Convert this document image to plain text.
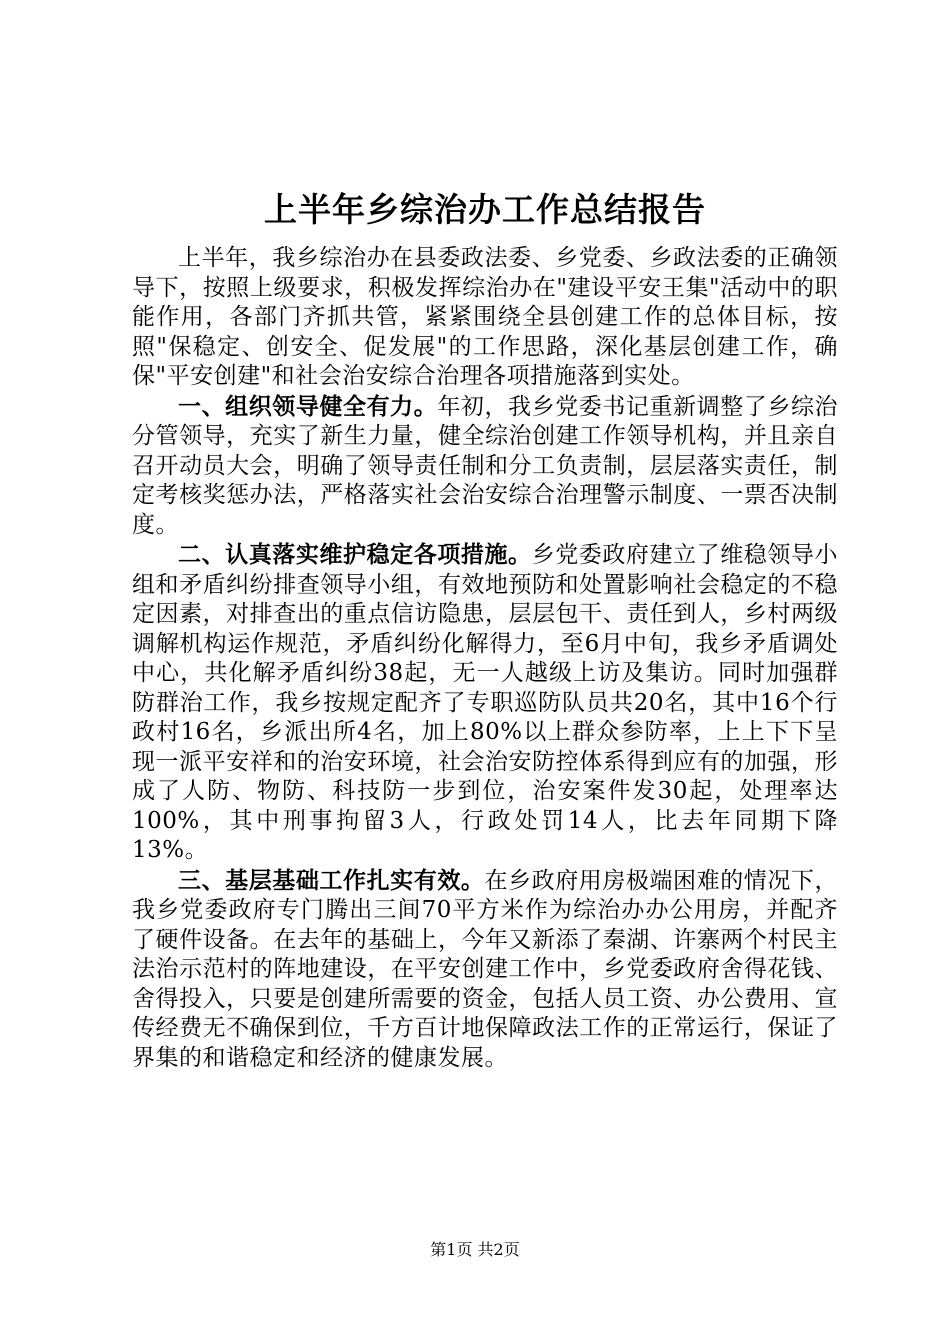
上半年乡综治办工作总结报告

上半年，我乡综治办在县委政法委、乡党委、乡政法委的正确领导下，按照上级要求，积极发挥综治办在"建设平安王集"活动中的职能作用，各部门齐抓共管，紧紧围绕全县创建工作的总体目标，按照"保稳定、创安全、促发展"的工作思路，深化基层创建工作，确保"平安创建"和社会治安综合治理各项措施落到实处。

一、组织领导健全有力。年初，我乡党委书记重新调整了乡综治分管领导，充实了新生力量，健全综治创建工作领导机构，并且亲自召开动员大会，明确了领导责任制和分工负责制，层层落实责任，制定考核奖惩办法，严格落实社会治安综合治理警示制度、一票否决制度。

二、认真落实维护稳定各项措施。乡党委政府建立了维稳领导小组和矛盾纠纷排查领导小组，有效地预防和处置影响社会稳定的不稳定因素，对排查出的重点信访隐患，层层包干、责任到人，乡村两级调解机构运作规范，矛盾纠纷化解得力，至6月中旬，我乡矛盾调处中心，共化解矛盾纠纷38起，无一人越级上访及集访。同时加强群防群治工作，我乡按规定配齐了专职巡防队员共20名，其中16个行政村16名，乡派出所4名，加上80%以上群众参防率，上上下下呈现一派平安祥和的治安环境，社会治安防控体系得到应有的加强，形成了人防、物防、科技防一步到位，治安案件发30起，处理率达100%，其中刑事拘留3人，行政处罚14人，比去年同期下降13%。

三、基层基础工作扎实有效。在乡政府用房极端困难的情况下，我乡党委政府专门腾出三间70平方米作为综治办办公用房，并配齐了硬件设备。在去年的基础上，今年又新添了秦湖、许寨两个村民主法治示范村的阵地建设，在平安创建工作中，乡党委政府舍得花钱、舍得投入，只要是创建所需要的资金，包括人员工资、办公费用、宣传经费无不确保到位，千方百计地保障政法工作的正常运行，保证了界集的和谐稳定和经济的健康发展。

第1页 共2页
